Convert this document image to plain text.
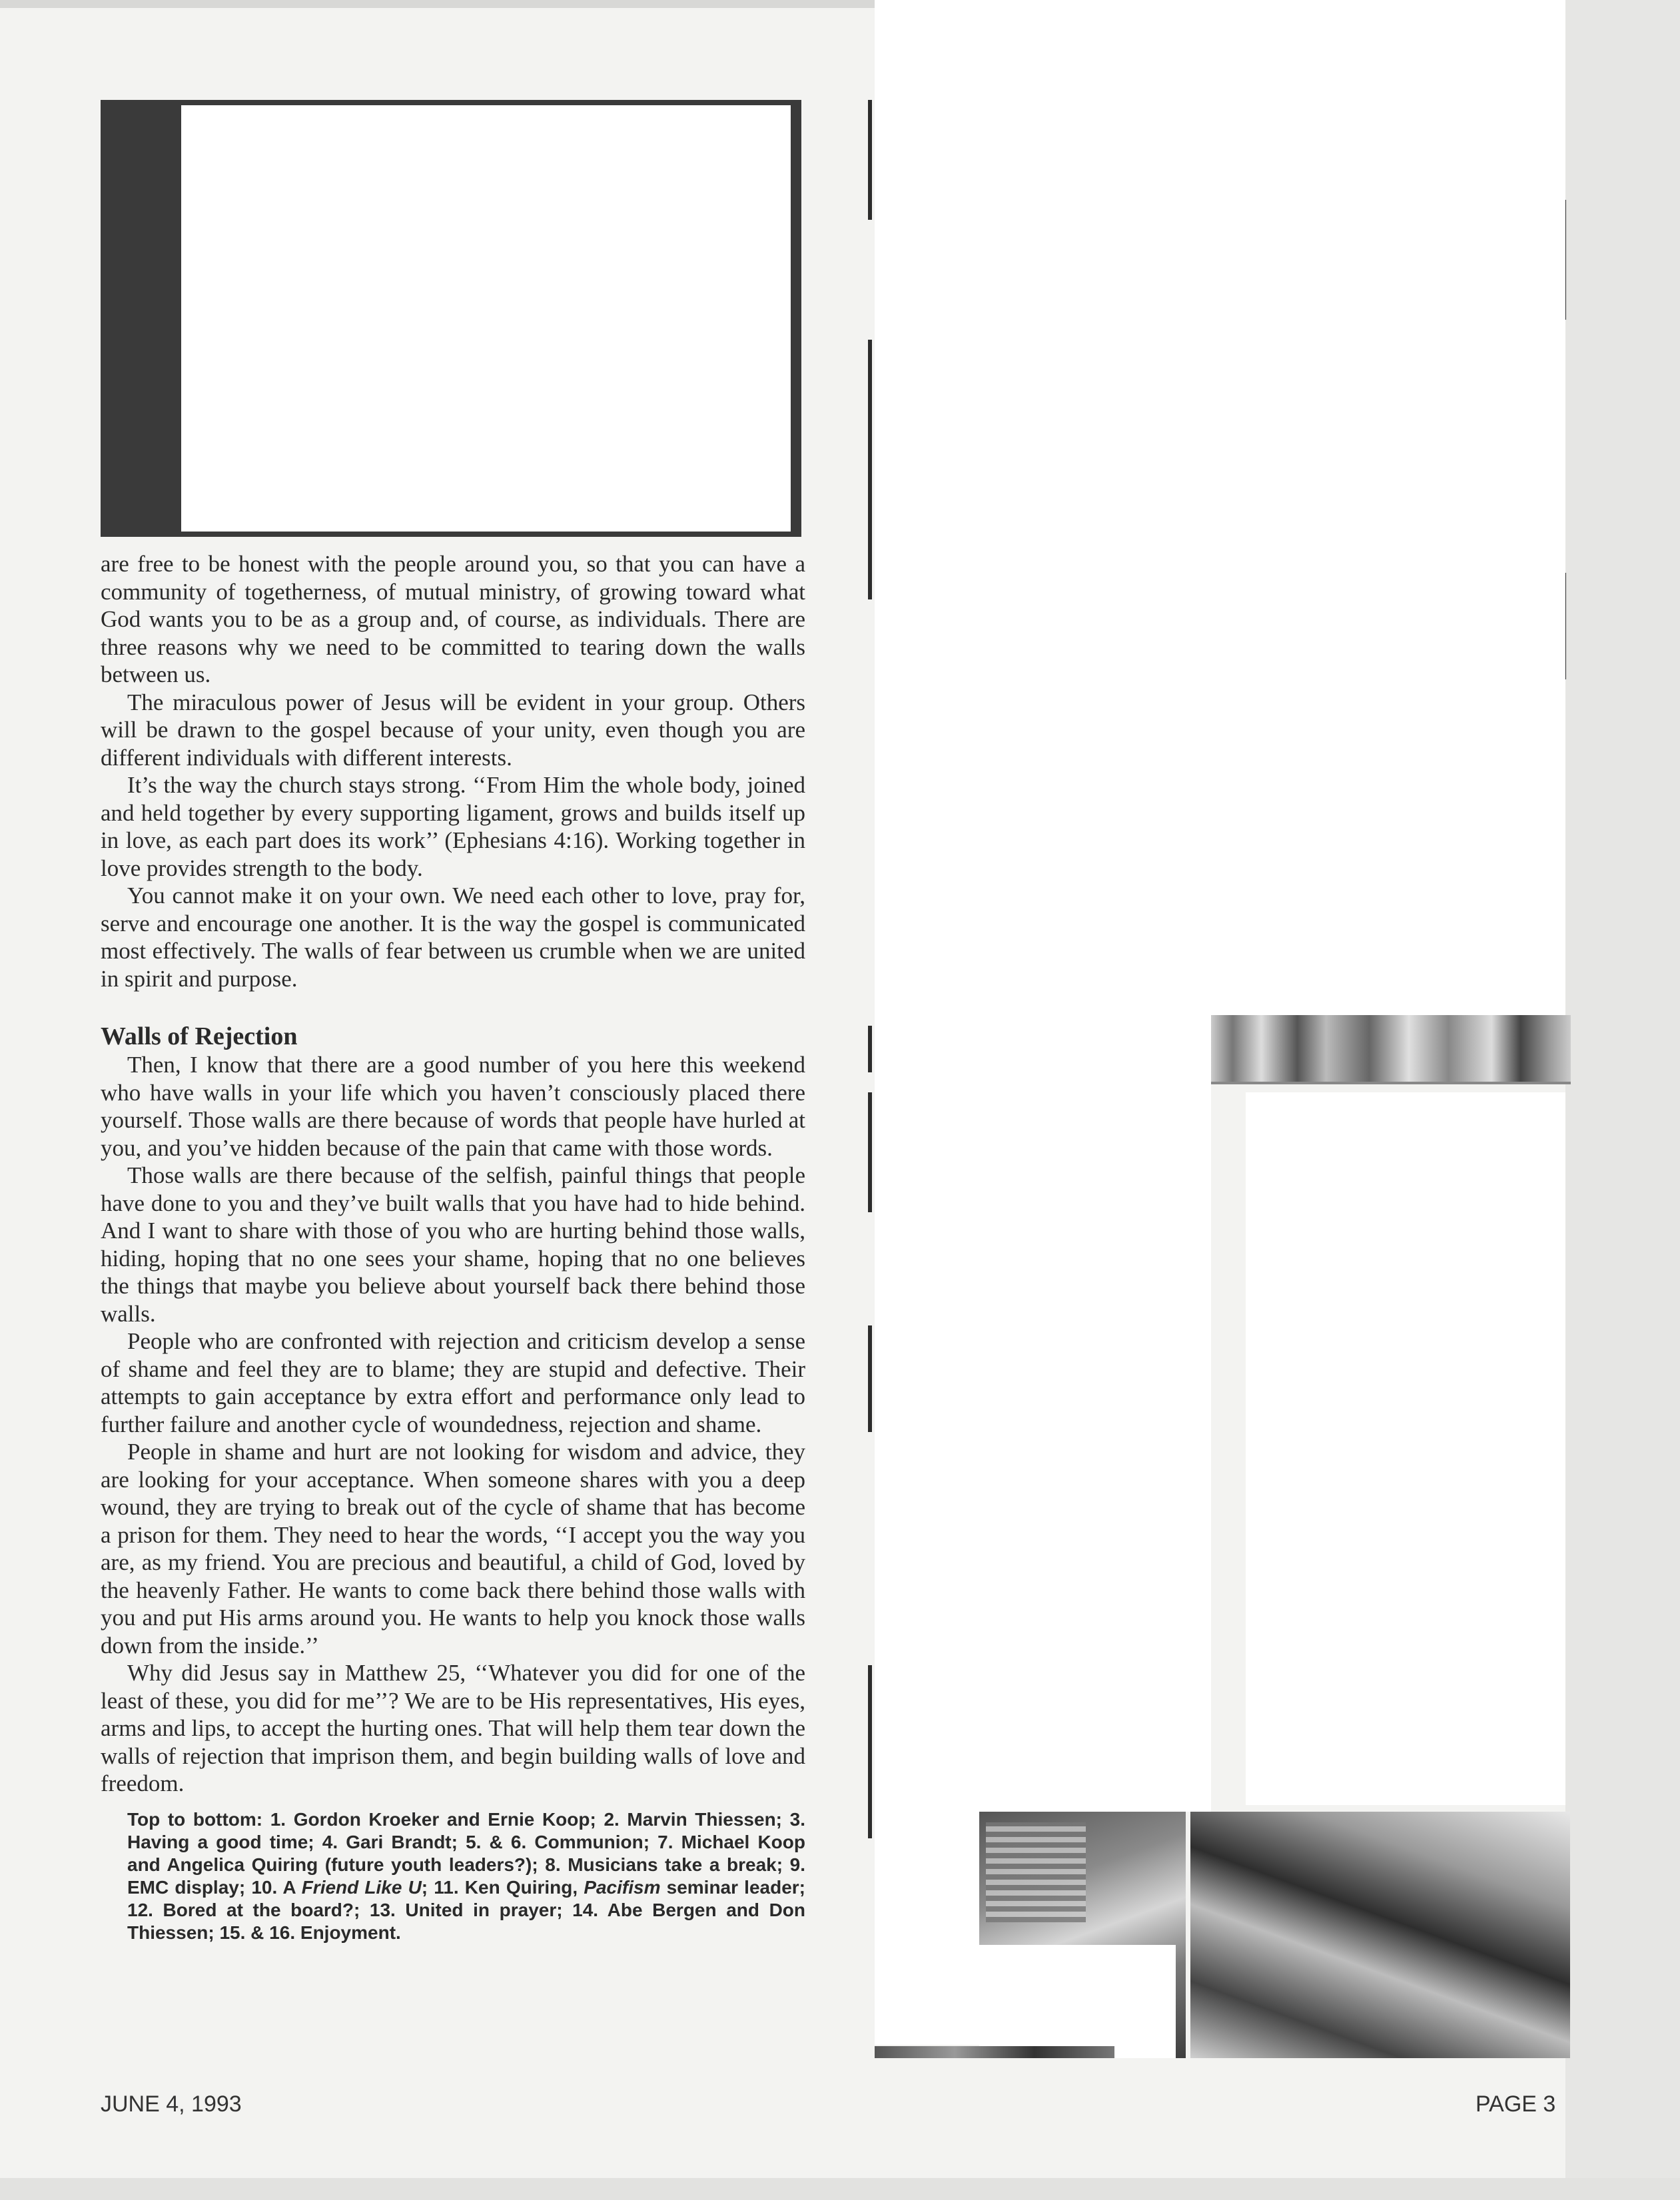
are free to be honest with the people around you, so that you can have a community of togetherness, of mutual ministry, of growing toward what God wants you to be as a group and, of course, as individuals. There are three reasons why we need to be committed to tearing down the walls between us.

The miraculous power of Jesus will be evident in your group. Others will be drawn to the gospel because of your unity, even though you are different individuals with different interests.

It’s the way the church stays strong. ‘‘From Him the whole body, joined and held together by every supporting ligament, grows and builds itself up in love, as each part does its work’’ (Ephesians 4:16). Working together in love provides strength to the body.

You cannot make it on your own. We need each other to love, pray for, serve and encourage one another. It is the way the gospel is communicated most effectively. The walls of fear between us crumble when we are united in spirit and purpose.

Walls of Rejection

Then, I know that there are a good number of you here this weekend who have walls in your life which you haven’t consciously placed there yourself. Those walls are there because of words that people have hurled at you, and you’ve hidden because of the pain that came with those words.

Those walls are there because of the selfish, painful things that people have done to you and they’ve built walls that you have had to hide behind. And I want to share with those of you who are hurting behind those walls, hiding, hoping that no one sees your shame, hoping that no one believes the things that maybe you believe about yourself back there behind those walls.

People who are confronted with rejection and criticism develop a sense of shame and feel they are to blame; they are stupid and defective. Their attempts to gain acceptance by extra effort and performance only lead to further failure and another cycle of woundedness, rejection and shame.

People in shame and hurt are not looking for wisdom and advice, they are looking for your acceptance. When someone shares with you a deep wound, they are trying to break out of the cycle of shame that has become a prison for them. They need to hear the words, ‘‘I accept you the way you are, as my friend. You are precious and beautiful, a child of God, loved by the heavenly Father. He wants to come back there behind those walls with you and put His arms around you. He wants to help you knock those walls down from the inside.’’

Why did Jesus say in Matthew 25, ‘‘Whatever you did for one of the least of these, you did for me’’? We are to be His representatives, His eyes, arms and lips, to accept the hurting ones. That will help them tear down the walls of rejection that imprison them, and begin building walls of love and freedom.

Top to bottom: 1. Gordon Kroeker and Ernie Koop; 2. Marvin Thiessen; 3. Having a good time; 4. Gari Brandt; 5. & 6. Communion; 7. Michael Koop and Angelica Quiring (future youth leaders?); 8. Musicians take a break; 9. EMC display; 10. A Friend Like U; 11. Ken Quiring, Pacifism seminar leader; 12. Bored at the board?; 13. United in prayer; 14. Abe Bergen and Don Thiessen; 15. & 16. Enjoyment.
JUNE 4, 1993	PAGE 3
